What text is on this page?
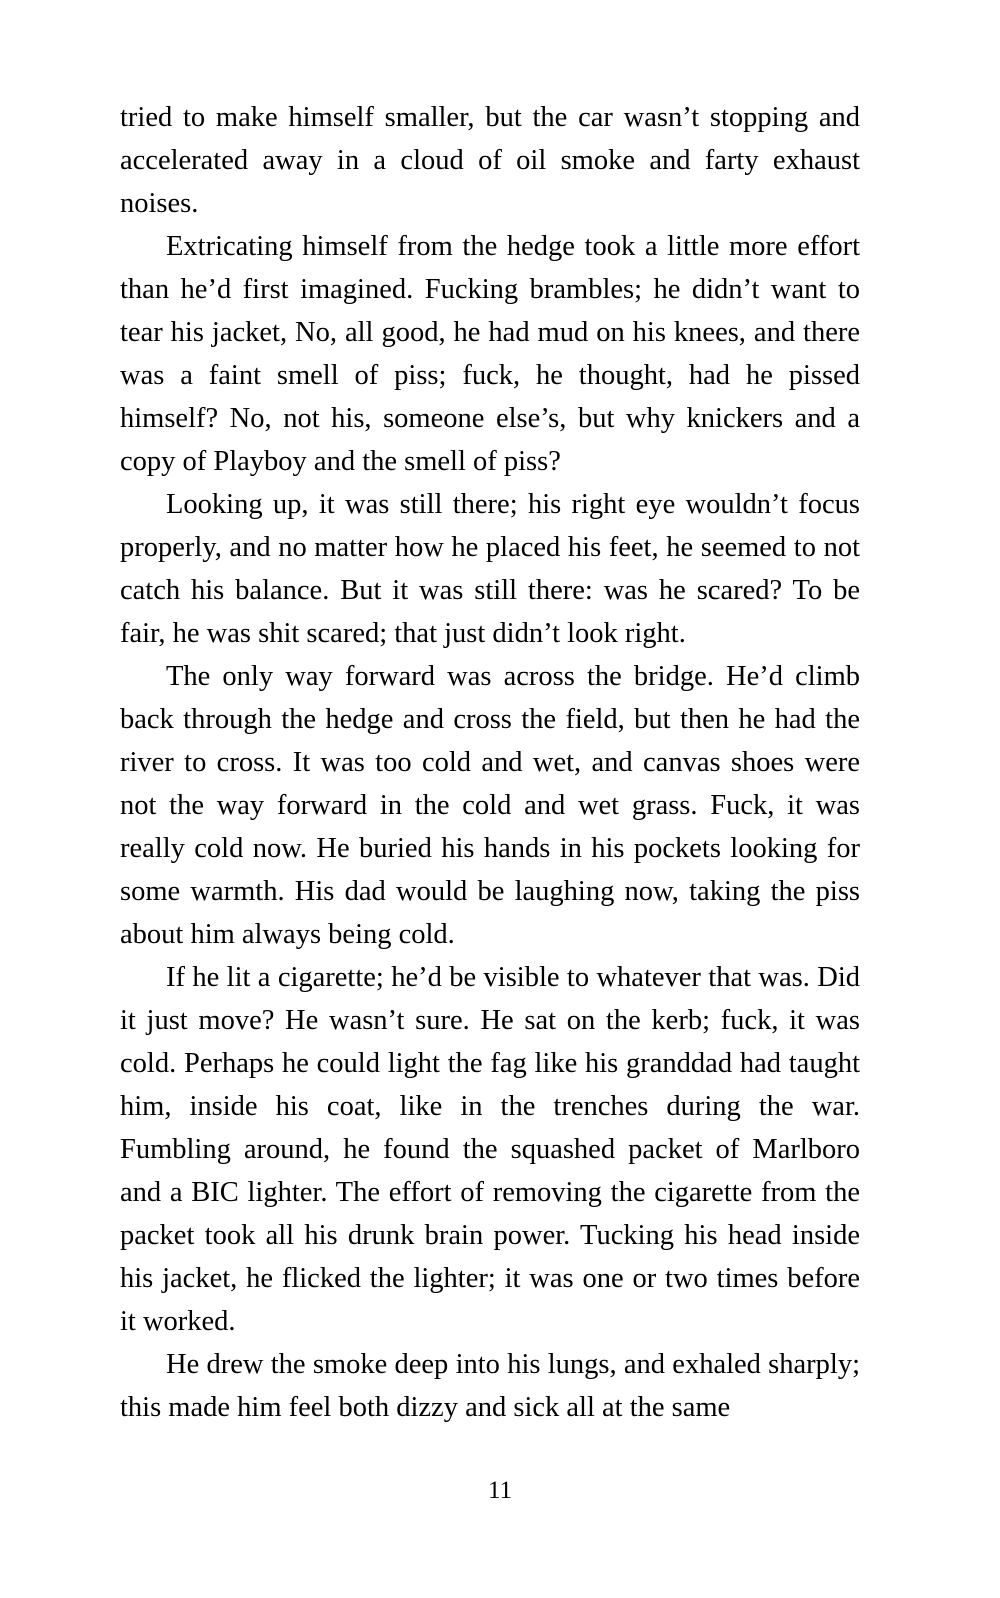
tried to make himself smaller, but the car wasn’t stopping and accelerated away in a cloud of oil smoke and farty exhaust noises.

Extricating himself from the hedge took a little more effort than he’d first imagined. Fucking brambles; he didn’t want to tear his jacket, No, all good, he had mud on his knees, and there was a faint smell of piss; fuck, he thought, had he pissed himself? No, not his, someone else’s, but why knickers and a copy of Playboy and the smell of piss?

Looking up, it was still there; his right eye wouldn’t focus properly, and no matter how he placed his feet, he seemed to not catch his balance. But it was still there: was he scared? To be fair, he was shit scared; that just didn’t look right.

The only way forward was across the bridge. He’d climb back through the hedge and cross the field, but then he had the river to cross. It was too cold and wet, and canvas shoes were not the way forward in the cold and wet grass. Fuck, it was really cold now. He buried his hands in his pockets looking for some warmth. His dad would be laughing now, taking the piss about him always being cold.

If he lit a cigarette; he’d be visible to whatever that was. Did it just move? He wasn’t sure. He sat on the kerb; fuck, it was cold. Perhaps he could light the fag like his granddad had taught him, inside his coat, like in the trenches during the war. Fumbling around, he found the squashed packet of Marlboro and a BIC lighter. The effort of removing the cigarette from the packet took all his drunk brain power. Tucking his head inside his jacket, he flicked the lighter; it was one or two times before it worked.

He drew the smoke deep into his lungs, and exhaled sharply; this made him feel both dizzy and sick all at the same

11
